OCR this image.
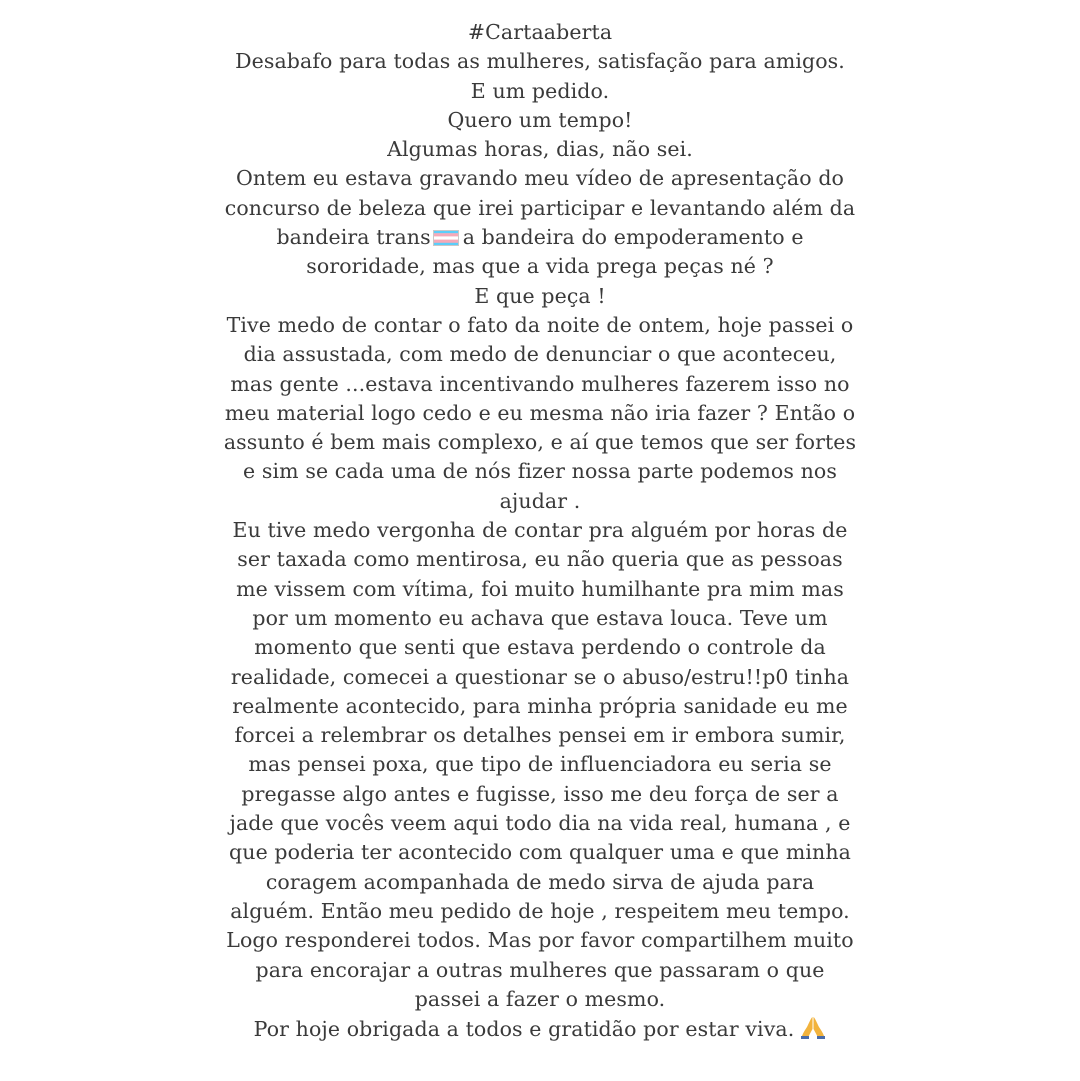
#Cartaaberta
Desabafo para todas as mulheres, satisfação para amigos.
E um pedido.
Quero um tempo!
Algumas horas, dias, não sei.
Ontem eu estava gravando meu vídeo de apresentação do
concurso de beleza que irei participar e levantando além da
bandeira trans a bandeira do empoderamento e
sororidade, mas que a vida prega peças né ?
E que peça !
Tive medo de contar o fato da noite de ontem, hoje passei o
dia assustada, com medo de denunciar o que aconteceu,
mas gente ...estava incentivando mulheres fazerem isso no
meu material logo cedo e eu mesma não iria fazer ? Então o
assunto é bem mais complexo, e aí que temos que ser fortes
e sim se cada uma de nós fizer nossa parte podemos nos
ajudar .
Eu tive medo vergonha de contar pra alguém por horas de
ser taxada como mentirosa, eu não queria que as pessoas
me vissem com vítima, foi muito humilhante pra mim mas
por um momento eu achava que estava louca. Teve um
momento que senti que estava perdendo o controle da
realidade, comecei a questionar se o abuso/estru!!p0 tinha
realmente acontecido, para minha própria sanidade eu me
forcei a relembrar os detalhes pensei em ir embora sumir,
mas pensei poxa, que tipo de influenciadora eu seria se
pregasse algo antes e fugisse, isso me deu força de ser a
jade que vocês veem aqui todo dia na vida real, humana , e
que poderia ter acontecido com qualquer uma e que minha
coragem acompanhada de medo sirva de ajuda para
alguém. Então meu pedido de hoje , respeitem meu tempo.
Logo responderei todos. Mas por favor compartilhem muito
para encorajar a outras mulheres que passaram o que
passei a fazer o mesmo.
Por hoje obrigada a todos e gratidão por estar viva.
